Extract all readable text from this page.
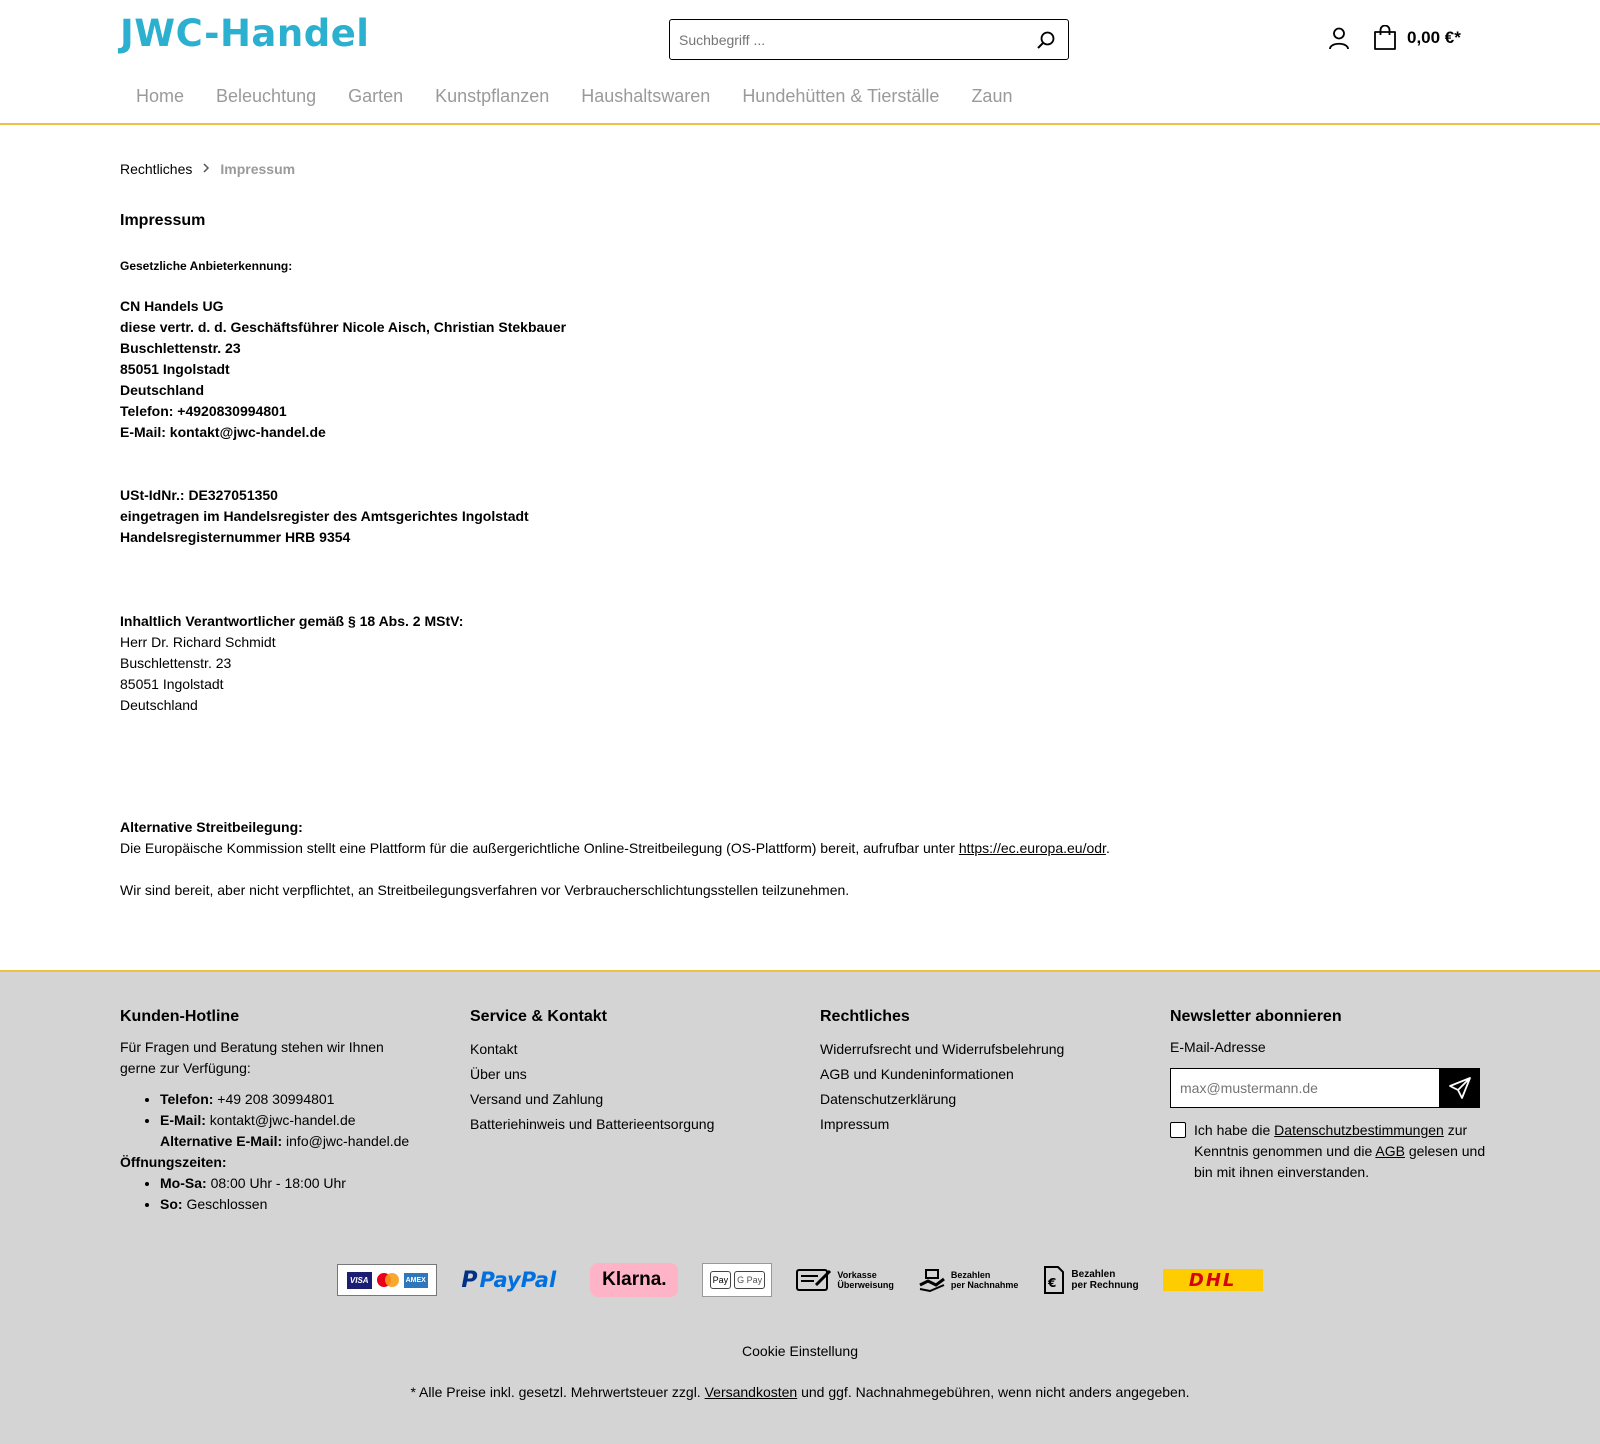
JWC-Handel
Suchbegriff ...	0,00 €*
Home	Beleuchtung	Garten	Kunstpflanzen	Haushaltswaren	Hundehütten & Tierställe	Zaun
Rechtliches Impressum
Impressum
Gesetzliche Anbieterkennung:
CN Handels UG
diese vertr. d. d. Geschäftsführer Nicole Aisch, Christian Stekbauer
Buschlettenstr. 23
85051 Ingolstadt
Deutschland
Telefon: +4920830994801
E-Mail: kontakt@jwc-handel.de
USt-IdNr.: DE327051350
eingetragen im Handelsregister des Amtsgerichtes Ingolstadt
Handelsregisternummer HRB 9354
Inhaltlich Verantwortlicher gemäß § 18 Abs. 2 MStV:
Herr Dr. Richard Schmidt
Buschlettenstr. 23
85051 Ingolstadt
Deutschland
Alternative Streitbeilegung:
Die Europäische Kommission stellt eine Plattform für die außergerichtliche Online-Streitbeilegung (OS-Plattform) bereit, aufrufbar unter https://ec.europa.eu/odr.
Wir sind bereit, aber nicht verpflichtet, an Streitbeilegungsverfahren vor Verbraucherschlichtungsstellen teilzunehmen.
Kunden-Hotline
Für Fragen und Beratung stehen wir Ihnen gerne zur Verfügung:
• Telefon: +49 208 30994801
• E-Mail: kontakt@jwc-handel.de
Alternative E-Mail: info@jwc-handel.de
Öffnungszeiten:
• Mo-Sa: 08:00 Uhr - 18:00 Uhr
• So: Geschlossen
Service & Kontakt
Kontakt
Über uns
Versand und Zahlung
Batteriehinweis und Batterieentsorgung
Rechtliches
Widerrufsrecht und Widerrufsbelehrung
AGB und Kundeninformationen
Datenschutzerklärung
Impressum
Newsletter abonnieren
E-Mail-Adresse
max@mustermann.de
Ich habe die Datenschutzbestimmungen zur Kenntnis genommen und die AGB gelesen und bin mit ihnen einverstanden.
VISA	AMEX P PayPal Klarna.	Pay	G Pay	Vorkasse
Überweisung
Bezahlen
per Nachnahme	€
Bezahlen
per Rechnung	DHL
Cookie Einstellung
* Alle Preise inkl. gesetzl. Mehrwertsteuer zzgl. Versandkosten und ggf. Nachnahmegebühren, wenn nicht anders angegeben.
